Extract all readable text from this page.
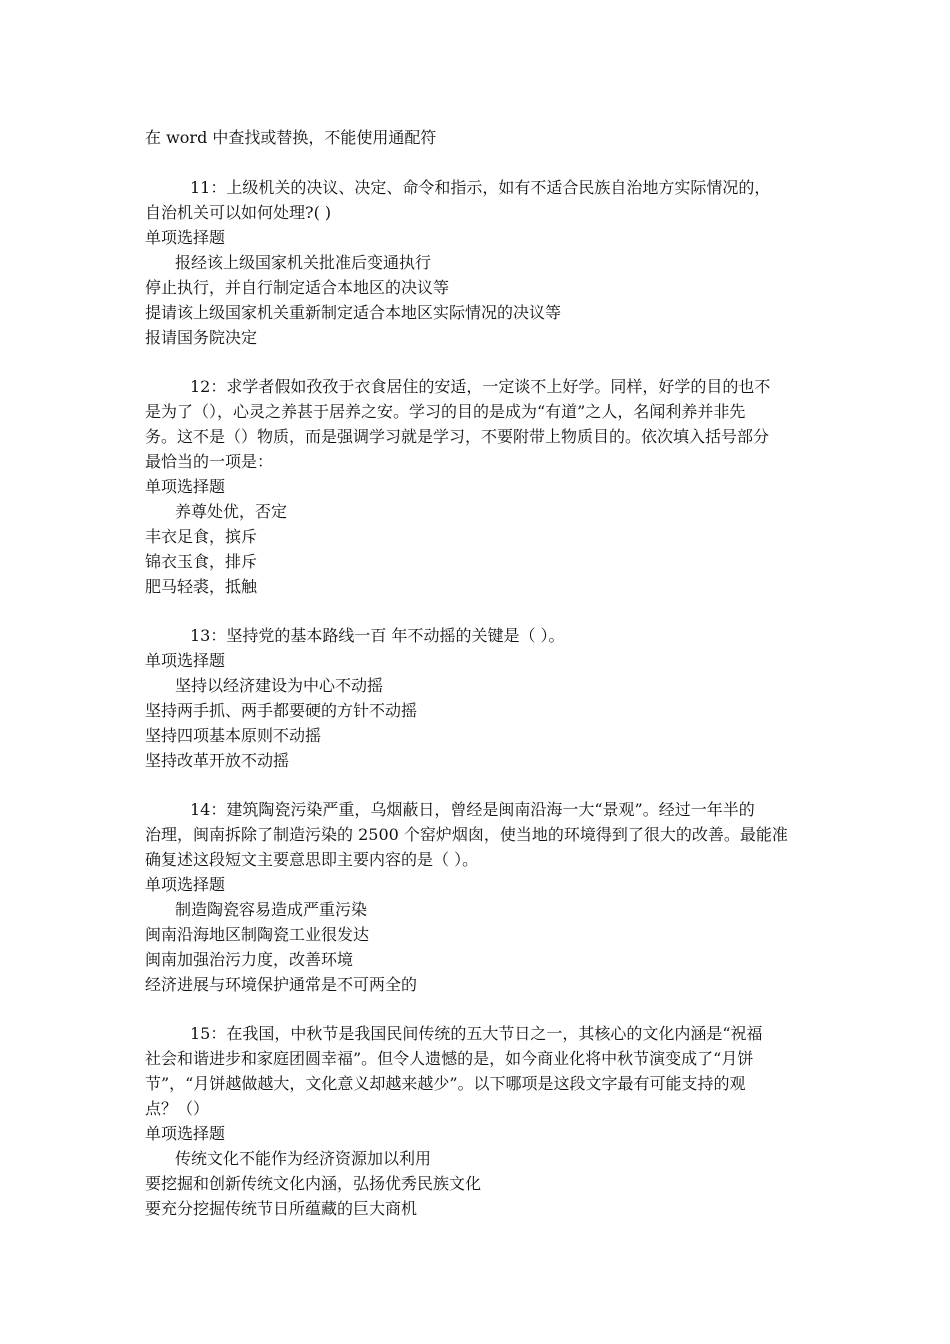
在 word 中查找或替换，不能使用通配符
11：上级机关的决议、决定、命令和指示，如有不适合民族自治地方实际情况的，
自治机关可以如何处理?( )
单项选择题
报经该上级国家机关批准后变通执行
停止执行，并自行制定适合本地区的决议等
提请该上级国家机关重新制定适合本地区实际情况的决议等
报请国务院决定
12：求学者假如孜孜于衣食居住的安适，一定谈不上好学。同样，好学的目的也不
是为了（），心灵之养甚于居养之安。学习的目的是成为“有道”之人，名闻利养并非先
务。这不是（）物质，而是强调学习就是学习，不要附带上物质目的。依次填入括号部分
最恰当的一项是：
单项选择题
养尊处优，否定
丰衣足食，摈斥
锦衣玉食，排斥
肥马轻裘，抵触
13：坚持党的基本路线一百 年不动摇的关键是（ ）。
单项选择题
坚持以经济建设为中心不动摇
坚持两手抓、两手都要硬的方针不动摇
坚持四项基本原则不动摇
坚持改革开放不动摇
14：建筑陶瓷污染严重，乌烟蔽日，曾经是闽南沿海一大“景观”。经过一年半的
治理，闽南拆除了制造污染的 2500 个窑炉烟囱，使当地的环境得到了很大的改善。最能准
确复述这段短文主要意思即主要内容的是（ ）。
单项选择题
制造陶瓷容易造成严重污染
闽南沿海地区制陶瓷工业很发达
闽南加强治污力度，改善环境
经济进展与环境保护通常是不可两全的
15：在我国，中秋节是我国民间传统的五大节日之一，其核心的文化内涵是“祝福
社会和谐进步和家庭团圆幸福”。但令人遗憾的是，如今商业化将中秋节演变成了“月饼
节”，“月饼越做越大，文化意义却越来越少”。以下哪项是这段文字最有可能支持的观
点？（）
单项选择题
传统文化不能作为经济资源加以利用
要挖掘和创新传统文化内涵，弘扬优秀民族文化
要充分挖掘传统节日所蕴藏的巨大商机
